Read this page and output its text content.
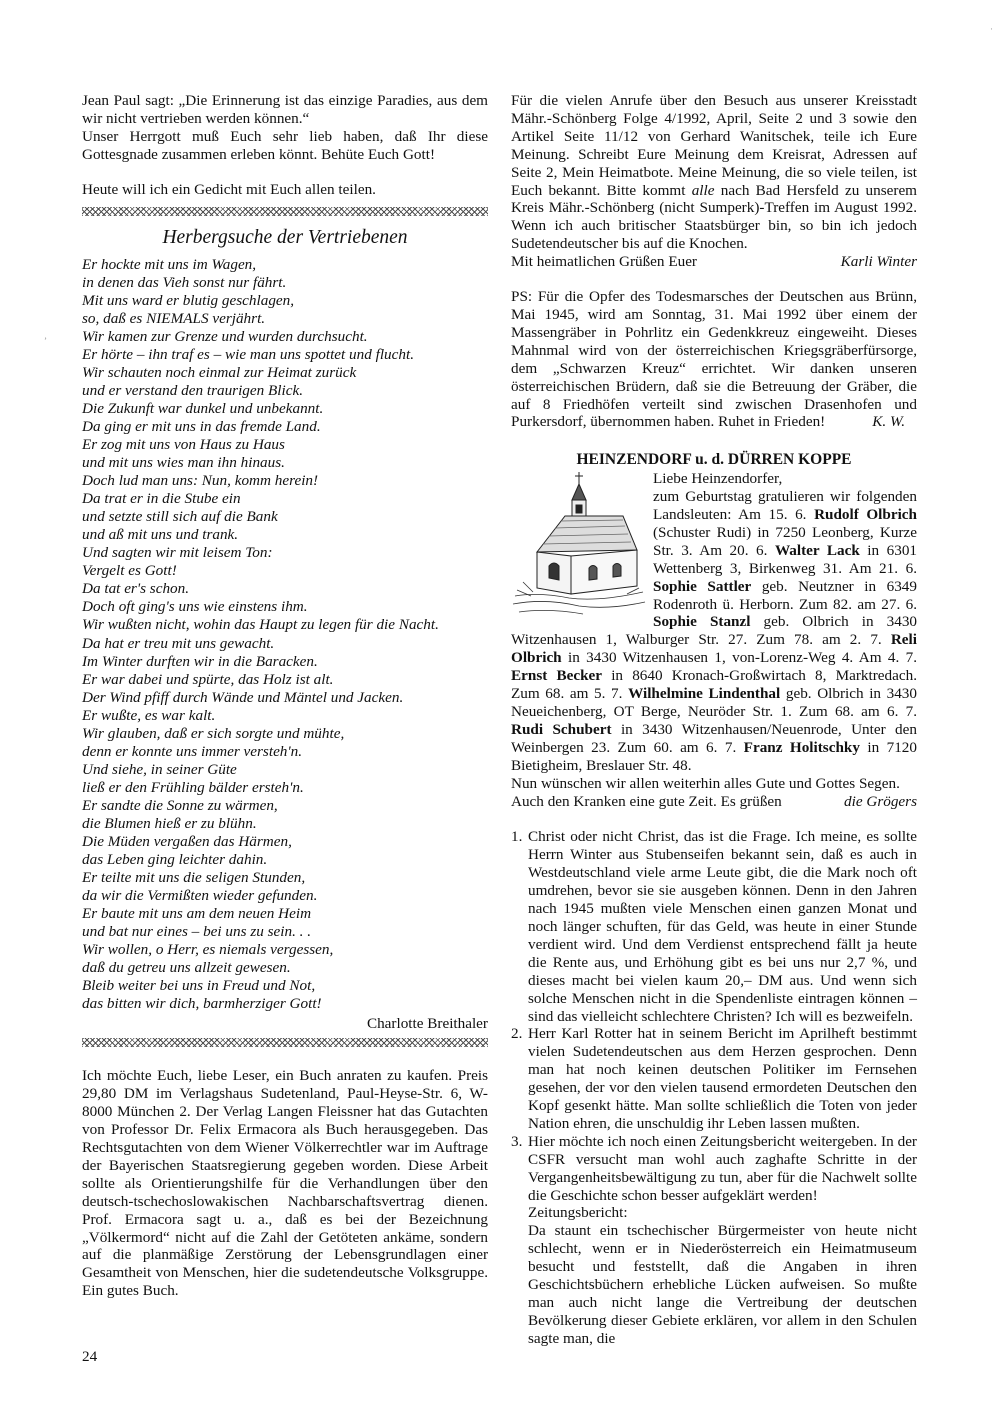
Jean Paul sagt: „Die Erinnerung ist das einzige Paradies, aus dem wir nicht vertrieben werden können.“

Unser Herrgott muß Euch sehr lieb haben, daß Ihr diese Gottesgnade zusammen erleben könnt. Behüte Euch Gott!

Heute will ich ein Gedicht mit Euch allen teilen.

Herbergsuche der Vertriebenen
Er hockte mit uns im Wagen,
in denen das Vieh sonst nur fährt.
Mit uns ward er blutig geschlagen,
so, daß es NIEMALS verjährt.
Wir kamen zur Grenze und wurden durchsucht.
Er hörte – ihn traf es – wie man uns spottet und flucht.
Wir schauten noch einmal zur Heimat zurück
und er verstand den traurigen Blick.
Die Zukunft war dunkel und unbekannt.
Da ging er mit uns in das fremde Land.
Er zog mit uns von Haus zu Haus
und mit uns wies man ihn hinaus.
Doch lud man uns: Nun, komm herein!
Da trat er in die Stube ein
und setzte still sich auf die Bank
und aß mit uns und trank.
Und sagten wir mit leisem Ton:
Vergelt es Gott!
Da tat er's schon.
Doch oft ging's uns wie einstens ihm.
Wir wußten nicht, wohin das Haupt zu legen für die Nacht.
Da hat er treu mit uns gewacht.
Im Winter durften wir in die Baracken.
Er war dabei und spürte, das Holz ist alt.
Der Wind pfiff durch Wände und Mäntel und Jacken.
Er wußte, es war kalt.
Wir glauben, daß er sich sorgte und mühte,
denn er konnte uns immer versteh'n.
Und siehe, in seiner Güte
ließ er den Frühling bälder ersteh'n.
Er sandte die Sonne zu wärmen,
die Blumen hieß er zu blühn.
Die Müden vergaßen das Härmen,
das Leben ging leichter dahin.
Er teilte mit uns die seligen Stunden,
da wir die Vermißten wieder gefunden.
Er baute mit uns am dem neuen Heim
und bat nur eines – bei uns zu sein. . .
Wir wollen, o Herr, es niemals vergessen,
daß du getreu uns allzeit gewesen.
Bleib weiter bei uns in Freud und Not,
das bitten wir dich, barmherziger Gott!

Charlotte Breithaler

Ich möchte Euch, liebe Leser, ein Buch anraten zu kaufen. Preis 29,80 DM im Verlagshaus Sudetenland, Paul-Heyse-Str. 6, W-8000 München 2. Der Verlag Langen Fleissner hat das Gutachten von Professor Dr. Felix Ermacora als Buch herausgegeben. Das Rechtsgutachten von dem Wiener Völkerrechtler war im Auftrage der Bayerischen Staatsregierung gegeben worden. Diese Arbeit sollte als Orientierungshilfe für die Verhandlungen über den deutsch-tschechoslowakischen Nachbarschaftsvertrag dienen. Prof. Ermacora sagt u. a., daß es bei der Bezeichnung „Völkermord“ nicht auf die Zahl der Getöteten ankäme, sondern auf die planmäßige Zerstörung der Lebensgrundlagen einer Gesamtheit von Menschen, hier die sudetendeutsche Volksgruppe. Ein gutes Buch.

Für die vielen Anrufe über den Besuch aus unserer Kreisstadt Mähr.-Schönberg Folge 4/1992, April, Seite 2 und 3 sowie den Artikel Seite 11/12 von Gerhard Wanitschek, teile ich Eure Meinung. Schreibt Eure Meinung dem Kreisrat, Adressen auf Seite 2, Mein Heimatbote. Meine Meinung, die so viele teilen, ist Euch bekannt. Bitte kommt alle nach Bad Hersfeld zu unserem Kreis Mähr.-Schönberg (nicht Sumperk)-Treffen im August 1992. Wenn ich auch britischer Staatsbürger bin, so bin ich jedoch Sudetendeutscher bis auf die Knochen.

Mit heimatlichen Grüßen Euer	Karli Winter

PS: Für die Opfer des Todesmarsches der Deutschen aus Brünn, Mai 1945, wird am Sonntag, 31. Mai 1992 über einem der Massengräber in Pohrlitz ein Gedenkkreuz eingeweiht. Dieses Mahnmal wird von der österreichischen Kriegsgräberfürsorge, dem „Schwarzen Kreuz“ errichtet. Wir danken unseren österreichischen Brüdern, daß sie die Betreuung der Gräber, die auf 8 Friedhöfen verteilt sind zwischen Drasenhofen und Purkersdorf, übernommen haben. Ruhet in Frieden!	K. W.

HEINZENDORF u. d. DÜRREN KOPPE

Liebe Heinzendorfer,

zum Geburtstag gratulieren wir folgenden Landsleuten: Am 15. 6. Rudolf Olbrich (Schuster Rudi) in 7250 Leonberg, Kurze Str. 3. Am 20. 6. Walter Lack in 6301 Wettenberg 3, Birkenweg 31. Am 21. 6. Sophie Sattler geb. Neutzner in 6349 Rodenroth ü. Herborn. Zum 82. am 27. 6. Sophie Stanzl geb. Olbrich in 3430 Witzenhausen 1, Walburger Str. 27. Zum 78. am 2. 7. Reli Olbrich in 3430 Witzenhausen 1, von-Lorenz-Weg 4. Am 4. 7. Ernst Becker in 8640 Kronach-Großwirtach 8, Marktredach. Zum 68. am 5. 7. Wilhelmine Lindenthal geb. Olbrich in 3430 Neueichenberg, OT Berge, Neuröder Str. 1. Zum 68. am 6. 7. Rudi Schubert in 3430 Witzenhausen/Neuenrode, Unter den Weinbergen 23. Zum 60. am 6. 7. Franz Holitschky in 7120 Bietigheim, Breslauer Str. 48.

Nun wünschen wir allen weiterhin alles Gute und Gottes Segen.

Auch den Kranken eine gute Zeit. Es grüßen	die Grögers
1. Christ oder nicht Christ, das ist die Frage. Ich meine, es sollte Herrn Winter aus Stubenseifen bekannt sein, daß es auch in Westdeutschland viele arme Leute gibt, die die Mark noch oft umdrehen, bevor sie sie ausgeben können. Denn in den Jahren nach 1945 mußten viele Menschen einen ganzen Monat und noch länger schuften, für das Geld, was heute in einer Stunde verdient wird. Und dem Verdienst entsprechend fällt ja heute die Rente aus, und Erhöhung gibt es bei uns nur 2,7 %, und dieses macht bei vielen kaum 20,– DM aus. Und wenn sich solche Menschen nicht in die Spendenliste eintragen können – sind das vielleicht schlechtere Christen? Ich will es bezweifeln.
2. Herr Karl Rotter hat in seinem Bericht im Aprilheft bestimmt vielen Sudetendeutschen aus dem Herzen gesprochen. Denn man hat noch keinen deutschen Politiker im Fernsehen gesehen, der vor den vielen tausend ermordeten Deutschen den Kopf gesenkt hätte. Man sollte schließlich die Toten von jeder Nation ehren, die unschuldig ihr Leben lassen mußten.
3. Hier möchte ich noch einen Zeitungsbericht weitergeben. In der CSFR versucht man wohl auch zaghafte Schritte in der Vergangenheitsbewältigung zu tun, aber für die Nachwelt sollte die Geschichte schon besser aufgeklärt werden!

Zeitungsbericht:

Da staunt ein tschechischer Bürgermeister von heute nicht schlecht, wenn er in Niederösterreich ein Heimatmuseum besucht und feststellt, daß die Angaben in ihren Geschichtsbüchern erhebliche Lücken aufweisen. So mußte man auch nicht lange die Vertreibung der deutschen Bevölkerung dieser Gebiete erklären, vor allem in den Schulen sagte man, die

24
ʼ
·
